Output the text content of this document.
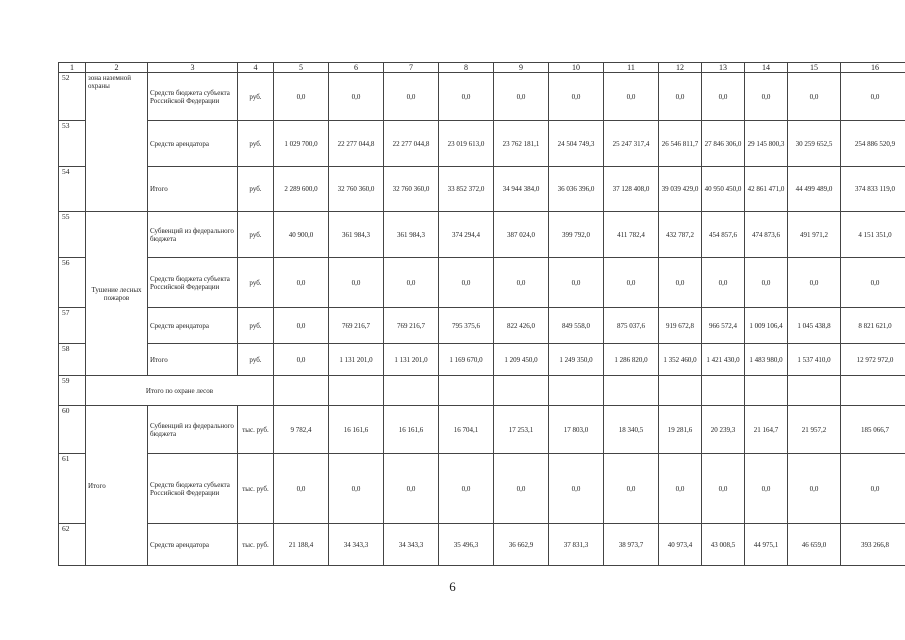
1	2	3	4	5	6	7	8	9	10	11	12	13	14	15	16
52	зона наземной охраны	Средств бюджета субъекта Российской Федерации	руб.	0,0	0,0	0,0	0,0	0,0	0,0	0,0	0,0	0,0	0,0	0,0	0,0
53		Средств арендатора	руб.	1 029 700,0	22 277 044,8	22 277 044,8	23 019 613,0	23 762 181,1	24 504 749,3	25 247 317,4	26 546 811,7	27 846 306,0	29 145 800,3	30 259 652,5	254 886 520,9
54		Итого	руб.	2 289 600,0	32 760 360,0	32 760 360,0	33 852 372,0	34 944 384,0	36 036 396,0	37 128 408,0	39 039 429,0	40 950 450,0	42 861 471,0	44 499 489,0	374 833 119,0
55	Тушение лесных пожаров	Субвенций из федерального бюджета	руб.	40 900,0	361 984,3	361 984,3	374 294,4	387 024,0	399 792,0	411 782,4	432 787,2	454 857,6	474 873,6	491 971,2	4 151 351,0
56		Средств бюджета субъекта Российской Федерации	руб.	0,0	0,0	0,0	0,0	0,0	0,0	0,0	0,0	0,0	0,0	0,0	0,0
57		Средств арендатора	руб.	0,0	769 216,7	769 216,7	795 375,6	822 426,0	849 558,0	875 037,6	919 672,8	966 572,4	1 009 106,4	1 045 438,8	8 821 621,0
58		Итого	руб.	0,0	1 131 201,0	1 131 201,0	1 169 670,0	1 209 450,0	1 249 350,0	1 286 820,0	1 352 460,0	1 421 430,0	1 483 980,0	1 537 410,0	12 972 972,0
59	Итого по охране лесов														
60	Итого	Субвенций из федерального бюджета	тыс. руб.	9 782,4	16 161,6	16 161,6	16 704,1	17 253,1	17 803,0	18 340,5	19 281,6	20 239,3	21 164,7	21 957,2	185 066,7
61		Средств бюджета субъекта Российской Федерации	тыс. руб.	0,0	0,0	0,0	0,0	0,0	0,0	0,0	0,0	0,0	0,0	0,0	0,0
62		Средств арендатора	тыс. руб.	21 188,4	34 343,3	34 343,3	35 496,3	36 662,9	37 831,3	38 973,7	40 973,4	43 008,5	44 975,1	46 659,0	393 266,8
6
